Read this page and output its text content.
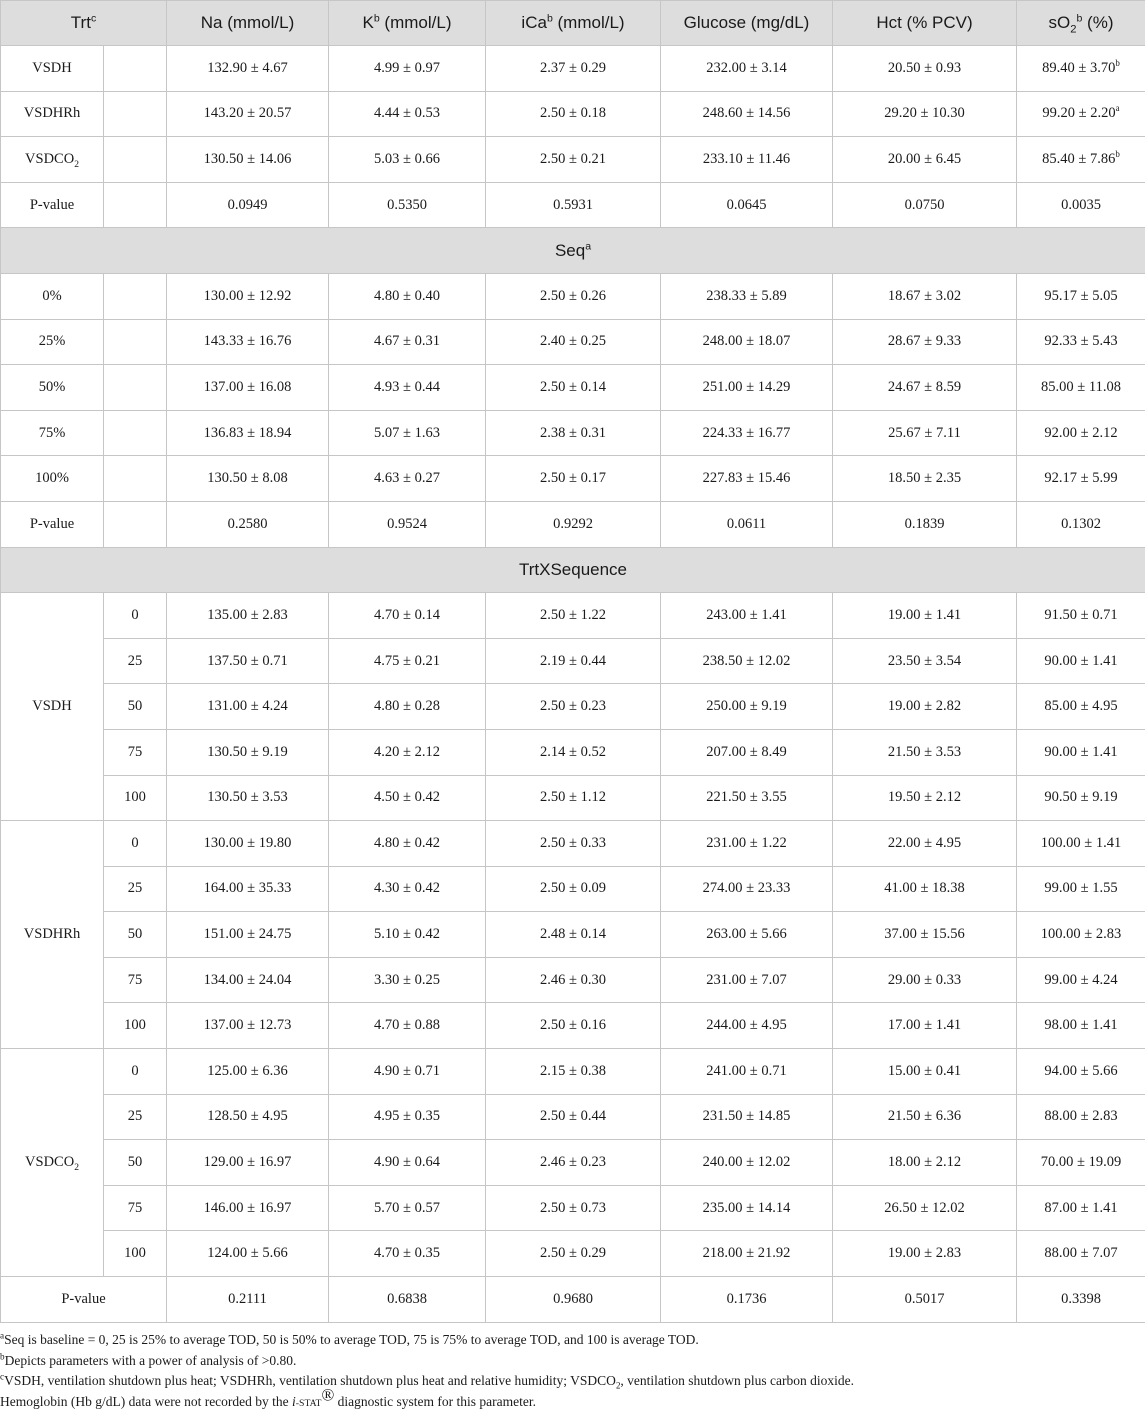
Trt$^c$		Na (mmol/L)	$K^b$ (mmol/L)	iCa$^b$ (mmol/L)	Glucose (mg/dL)	Hct (% PCV)	$sO_2^b$ (%)
VSDH		132.90 ± 4.67	4.99 ± 0.97	2.37 ± 0.29	232.00 ± 3.14	20.50 ± 0.93	89.40 ± 3.70$^b$
VSDHRh		143.20 ± 20.57	4.44 ± 0.53	2.50 ± 0.18	248.60 ± 14.56	29.20 ± 10.30	99.20 ± 2.20$^a$
$VSDCO_2$		130.50 ± 14.06	5.03 ± 0.66	2.50 ± 0.21	233.10 ± 11.46	20.00 ± 6.45	85.40 ± 7.86$^b$
P-value		0.0949	0.5350	0.5931	0.0645	0.0750	0.0035
Seq$^a$
0%		130.00 ± 12.92	4.80 ± 0.40	2.50 ± 0.26	238.33 ± 5.89	18.67 ± 3.02	95.17 ± 5.05
25%		143.33 ± 16.76	4.67 ± 0.31	2.40 ± 0.25	248.00 ± 18.07	28.67 ± 9.33	92.33 ± 5.43
50%		137.00 ± 16.08	4.93 ± 0.44	2.50 ± 0.14	251.00 ± 14.29	24.67 ± 8.59	85.00 ± 11.08
75%		136.83 ± 18.94	5.07 ± 1.63	2.38 ± 0.31	224.33 ± 16.77	25.67 ± 7.11	92.00 ± 2.12
100%		130.50 ± 8.08	4.63 ± 0.27	2.50 ± 0.17	227.83 ± 15.46	18.50 ± 2.35	92.17 ± 5.99
P-value		0.2580	0.9524	0.9292	0.0611	0.1839	0.1302
TrtXSequence							
VSDH	0	135.00 ± 2.83	4.70 ± 0.14	2.50 ± 1.22	243.00 ± 1.41	19.00 ± 1.41	91.50 ± 0.71
	25	137.50 ± 0.71	4.75 ± 0.21	2.19 ± 0.44	238.50 ± 12.02	23.50 ± 3.54	90.00 ± 1.41
	50	131.00 ± 4.24	4.80 ± 0.28	2.50 ± 0.23	250.00 ± 9.19	19.00 ± 2.82	85.00 ± 4.95
	75	130.50 ± 9.19	4.20 ± 2.12	2.14 ± 0.52	207.00 ± 8.49	21.50 ± 3.53	90.00 ± 1.41
	100	130.50 ± 3.53	4.50 ± 0.42	2.50 ± 1.12	221.50 ± 3.55	19.50 ± 2.12	90.50 ± 9.19
VSDHRh	0	130.00 ± 19.80	4.80 ± 0.42	2.50 ± 0.33	231.00 ± 1.22	22.00 ± 4.95	100.00 ± 1.41
	25	164.00 ± 35.33	4.30 ± 0.42	2.50 ± 0.09	274.00 ± 23.33	41.00 ± 18.38	99.00 ± 1.55
	50	151.00 ± 24.75	5.10 ± 0.42	2.48 ± 0.14	263.00 ± 5.66	37.00 ± 15.56	100.00 ± 2.83
	75	134.00 ± 24.04	3.30 ± 0.25	2.46 ± 0.30	231.00 ± 7.07	29.00 ± 0.33	99.00 ± 4.24
	100	137.00 ± 12.73	4.70 ± 0.88	2.50 ± 0.16	244.00 ± 4.95	17.00 ± 1.41	98.00 ± 1.41
$VSDCO_2$	0	125.00 ± 6.36	4.90 ± 0.71	2.15 ± 0.38	241.00 ± 0.71	15.00 ± 0.41	94.00 ± 5.66
	25	128.50 ± 4.95	4.95 ± 0.35	2.50 ± 0.44	231.50 ± 14.85	21.50 ± 6.36	88.00 ± 2.83
	50	129.00 ± 16.97	4.90 ± 0.64	2.46 ± 0.23	240.00 ± 12.02	18.00 ± 2.12	70.00 ± 19.09
	75	146.00 ± 16.97	5.70 ± 0.57	2.50 ± 0.73	235.00 ± 14.14	26.50 ± 12.02	87.00 ± 1.41
	100	124.00 ± 5.66	4.70 ± 0.35	2.50 ± 0.29	218.00 ± 21.92	19.00 ± 2.83	88.00 ± 7.07
P-value		0.2111	0.6838	0.9680	0.1736	0.5017	0.3398

$^a$Seq is baseline = 0, 25 is 25% to average TOD, 50 is 50% to average TOD, 75 is 75% to average TOD, and 100 is average TOD.

$^b$Depicts parameters with a power of analysis of >0.80.

$^c$VSDH, ventilation shutdown plus heat; VSDHRh, ventilation shutdown plus heat and relative humidity; $VSDCO_2$, ventilation shutdown plus carbon dioxide.

Hemoglobin (Hb g/dL) data were not recorded by the i-STAT® diagnostic system for this parameter.
